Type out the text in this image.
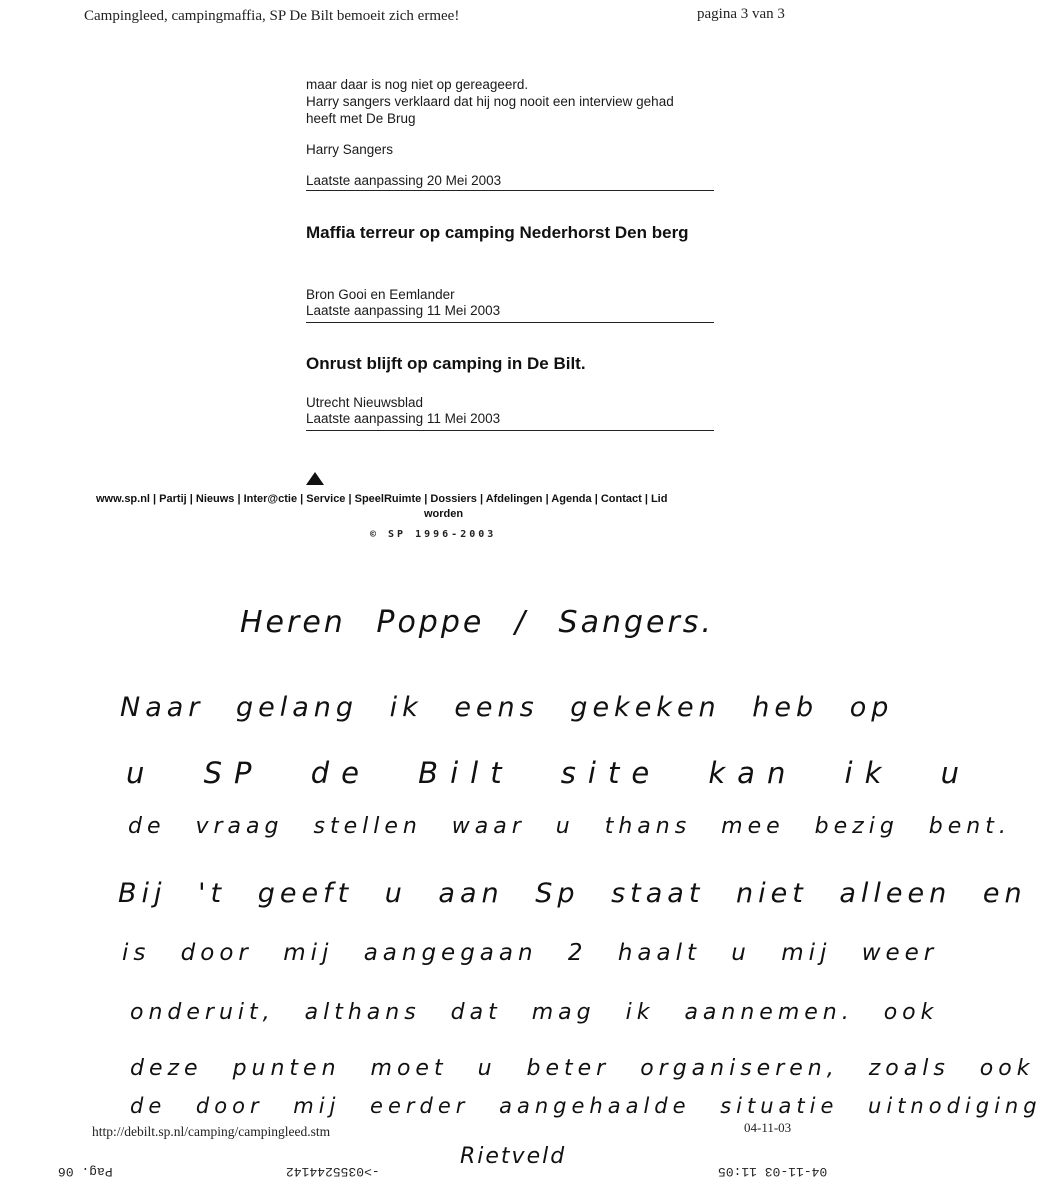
Campingleed, campingmaffia, SP De Bilt bemoeit zich ermee!	pagina 3 van 3
maar daar is nog niet op gereageerd.
Harry sangers verklaard dat hij nog nooit een interview gehad
heeft met De Brug
Harry Sangers
Laatste aanpassing 20 Mei 2003
Maffia terreur op camping Nederhorst Den berg
Bron Gooi en Eemlander
Laatste aanpassing 11 Mei 2003
Onrust blijft op camping in De Bilt.
Utrecht Nieuwsblad
Laatste aanpassing 11 Mei 2003
www.sp.nl | Partij | Nieuws | Inter@ctie | Service | SpeelRuimte | Dossiers | Afdelingen | Agenda | Contact | Lid
worden
© SP 1996-2003
Heren Poppe / Sangers.
Naar gelang ik eens gekeken heb op
u SP de Bilt site kan ik u
de vraag stellen waar u thans mee bezig bent.
Bij 't geeft u aan Sp staat niet alleen en
is door mij aangegaan 2 haalt u mij weer
onderuit, althans dat mag ik aannemen. ook
deze punten moet u beter organiseren, zoals ook
de door mij eerder aangehaalde situatie uitnodiging
Rietveld
http://debilt.sp.nl/camping/campingleed.stm	04-11-03
Pag. 06	->0355244142	04-11-03 11:05
